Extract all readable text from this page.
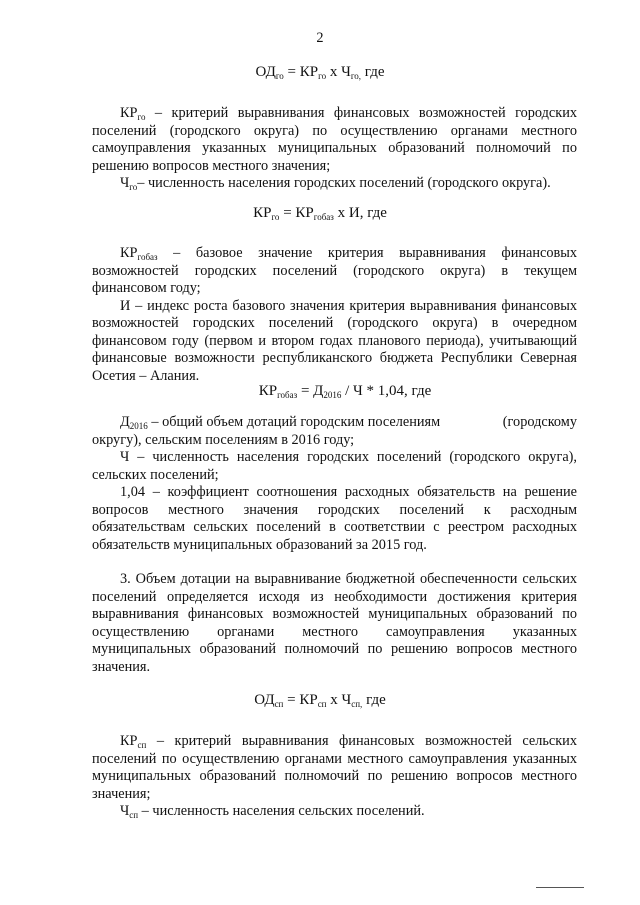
2
$ОД_{го} = КР_{го}$ х $Ч_{го,}$ где
$КР_{го}$ – критерий выравнивания финансовых возможностей городских
поселений (городского округа) по осуществлению органами местного
самоуправления указанных муниципальных образований полномочий по
решению вопросов местного значения;
$Ч_{го}-$ численность населения городских поселений (городского округа).
$КР_{го} = КР_{гобаз}$ х И, где
$КР_{гобаз}$ – базовое значение критерия выравнивания финансовых
возможностей городских поселений (городского округа) в текущем
финансовом году;
И – индекс роста базового значения критерия выравнивания финансовых
возможностей городских поселений (городского округа) в очередном
финансовом году (первом и втором годах планового периода), учитывающий
финансовые возможности республиканского бюджета Республики Северная
Осетия – Алания.
$КР_{гобаз} = Д_{2016} / Ч * 1,04$, где
$Д_{2016}$ – общий объем дотаций городским поселениям	(городскому
округу), сельским поселениям в 2016 году;
Ч – численность населения городских поселений (городского округа),
сельских поселений;
1,04 – коэффициент соотношения расходных обязательств на решение
вопросов местного значения городских поселений к расходным
обязательствам сельских поселений в соответствии с реестром расходных
обязательств муниципальных образований за 2015 год.
3. Объем дотации на выравнивание бюджетной обеспеченности сельских
поселений определяется исходя из необходимости достижения критерия
выравнивания финансовых возможностей муниципальных образований по
осуществлению органами местного самоуправления указанных
муниципальных образований полномочий по решению вопросов местного
значения.
$ОД_{сп} = КР_{сп}$ х $Ч_{сп,}$ где
$КР_{сп}$ – критерий выравнивания финансовых возможностей сельских
поселений по осуществлению органами местного самоуправления указанных
муниципальных образований полномочий по решению вопросов местного
значения;
$Ч_{сп}$ – численность населения сельских поселений.
